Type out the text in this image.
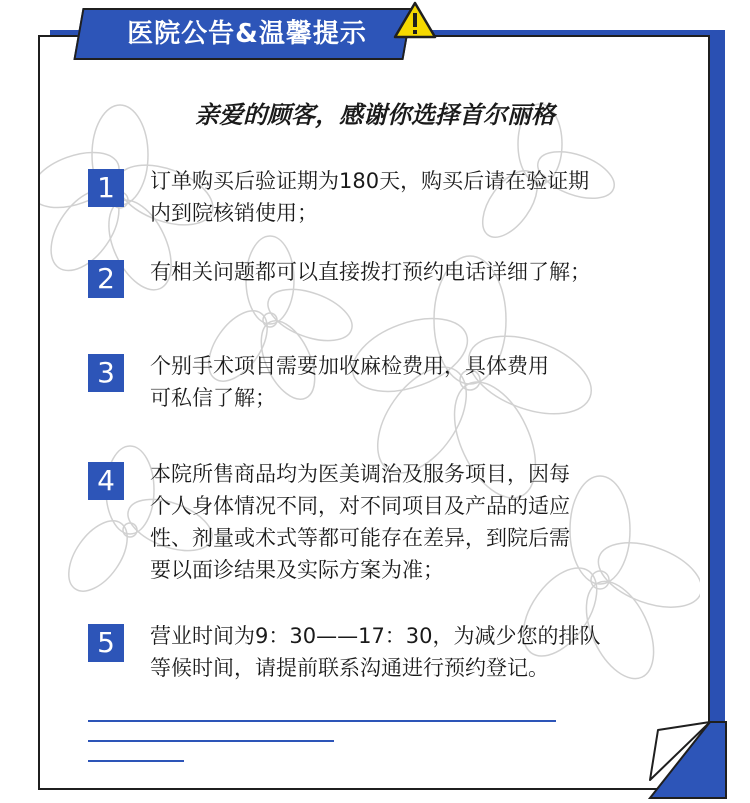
医院公告&温馨提示
亲爱的顾客，感谢你选择首尔丽格
1	订单购买后验证期为180天，购买后请在验证期
内到院核销使用；
2	有相关问题都可以直接拨打预约电话详细了解；
3	个别手术项目需要加收麻检费用，具体费用
可私信了解；
4	本院所售商品均为医美调治及服务项目，因每
个人身体情况不同，对不同项目及产品的适应
性、剂量或术式等都可能存在差异，到院后需
要以面诊结果及实际方案为准；
5	营业时间为9：30——17：30，为减少您的排队
等候时间，请提前联系沟通进行预约登记。
